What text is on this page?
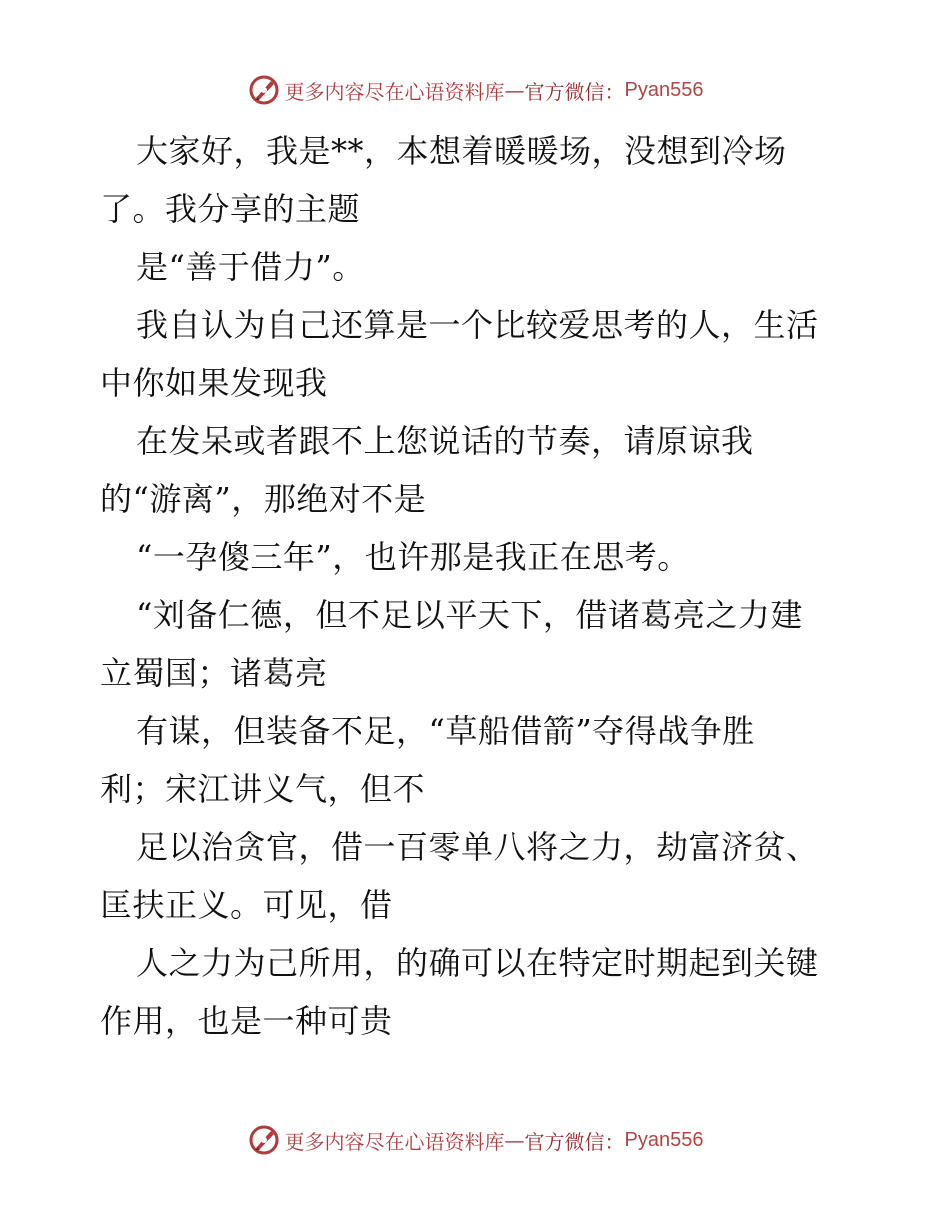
更多内容尽在心语资料库 — 官方微信： Pyan556
大家好，我是**，本想着暖暖场，没想到冷场
了。我分享的主题
是“善于借力”。
我自认为自己还算是一个比较爱思考的人，生活
中你如果发现我
在发呆或者跟不上您说话的节奏，请原谅我
的“游离”，那绝对不是
“一孕傻三年”，也许那是我正在思考。
“刘备仁德，但不足以平天下，借诸葛亮之力建
立蜀国；诸葛亮
有谋，但装备不足，“草船借箭”夺得战争胜
利；宋江讲义气，但不
足以治贪官，借一百零单八将之力，劫富济贫、
匡扶正义。可见，借
人之力为己所用，的确可以在特定时期起到关键
作用，也是一种可贵
更多内容尽在心语资料库 — 官方微信： Pyan556
